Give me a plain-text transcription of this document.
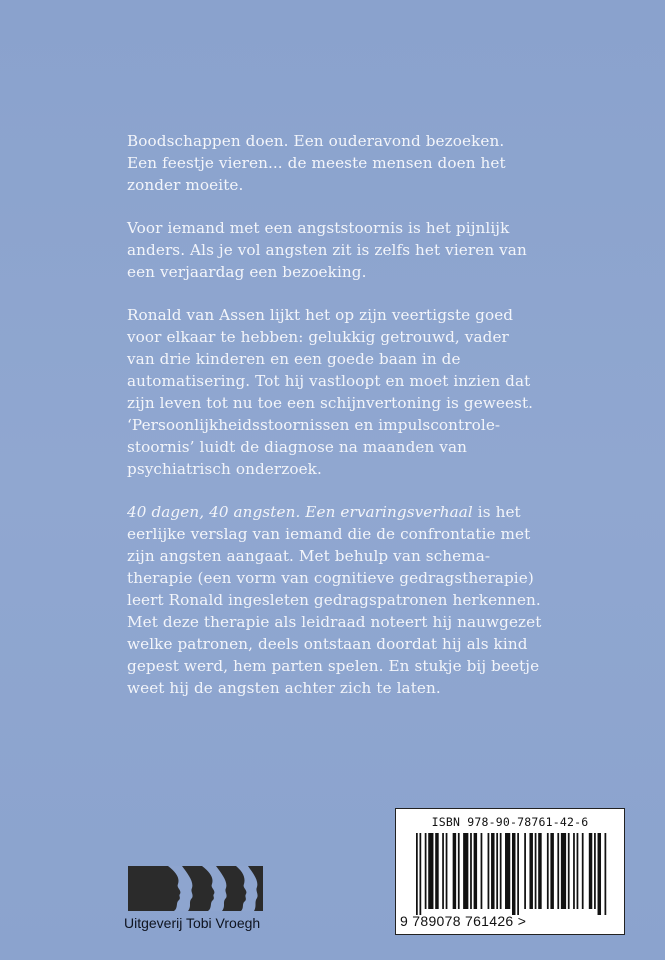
Boodschappen doen. Een ouderavond bezoeken.
Een feestje vieren... de meeste mensen doen het
zonder moeite.

Voor iemand met een angststoornis is het pijnlijk
anders. Als je vol angsten zit is zelfs het vieren van
een verjaardag een bezoeking.

Ronald van Assen lijkt het op zijn veertigste goed
voor elkaar te hebben: gelukkig getrouwd, vader
van drie kinderen en een goede baan in de
automatisering. Tot hij vastloopt en moet inzien dat
zijn leven tot nu toe een schijnvertoning is geweest.
‘Persoonlijkheidsstoornissen en impulscontrole-
stoornis’ luidt de diagnose na maanden van
psychiatrisch onderzoek.

40 dagen, 40 angsten. Een ervaringsverhaal is het
eerlijke verslag van iemand die de confrontatie met
zijn angsten aangaat. Met behulp van schema-
therapie (een vorm van cognitieve gedragstherapie)
leert Ronald ingesleten gedragspatronen herkennen.
Met deze therapie als leidraad noteert hij nauwgezet
welke patronen, deels ontstaan doordat hij als kind
gepest werd, hem parten spelen. En stukje bij beetje
weet hij de angsten achter zich te laten.

Uitgeverij Tobi Vroegh
ISBN 978-90-78761-42-6
9 789078 761426 >
